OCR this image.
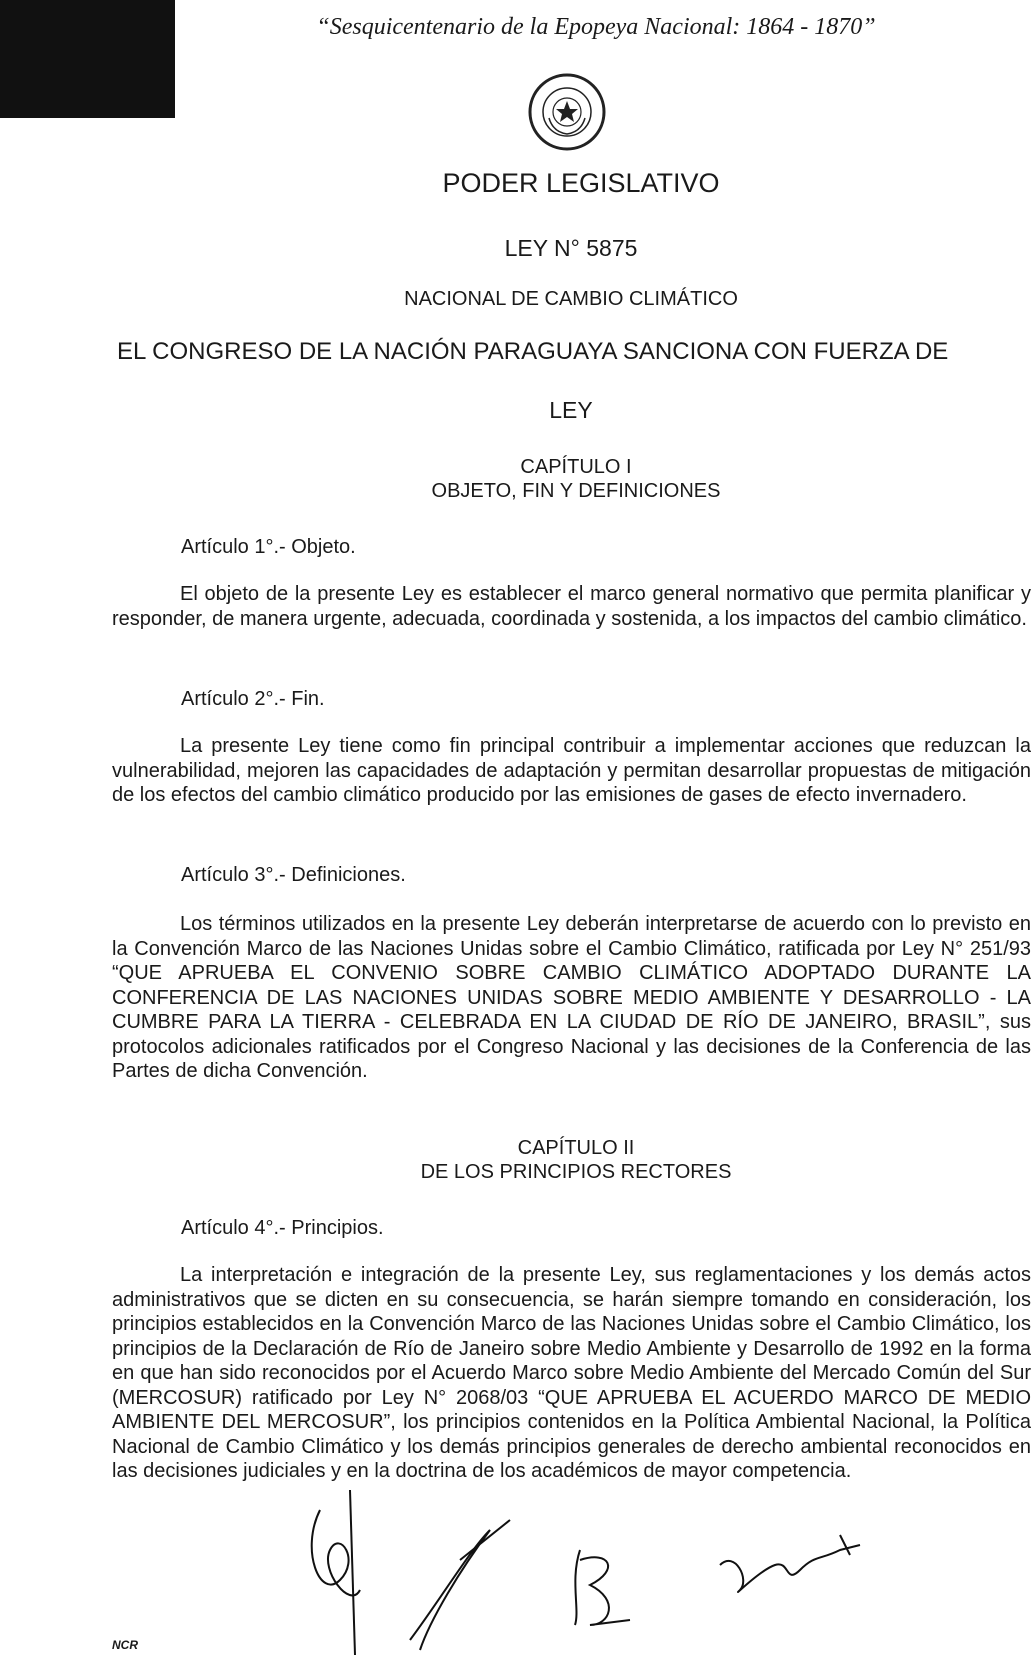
“Sesquicentenario de la Epopeya Nacional: 1864 - 1870”
PODER LEGISLATIVO
LEY N° 5875
NACIONAL DE CAMBIO CLIMÁTICO
EL CONGRESO DE LA NACIÓN PARAGUAYA SANCIONA CON FUERZA DE
LEY
CAPÍTULO I
OBJETO, FIN Y DEFINICIONES
Artículo 1°.- Objeto.
El objeto de la presente Ley es establecer el marco general normativo que permita planificar y responder, de manera urgente, adecuada, coordinada y sostenida, a los impactos del cambio climático.
Artículo 2°.- Fin.
La presente Ley tiene como fin principal contribuir a implementar acciones que reduzcan la vulnerabilidad, mejoren las capacidades de adaptación y permitan desarrollar propuestas de mitigación de los efectos del cambio climático producido por las emisiones de gases de efecto invernadero.
Artículo 3°.- Definiciones.
Los términos utilizados en la presente Ley deberán interpretarse de acuerdo con lo previsto en la Convención Marco de las Naciones Unidas sobre el Cambio Climático, ratificada por Ley N° 251/93 “QUE APRUEBA EL CONVENIO SOBRE CAMBIO CLIMÁTICO ADOPTADO DURANTE LA CONFERENCIA DE LAS NACIONES UNIDAS SOBRE MEDIO AMBIENTE Y DESARROLLO - LA CUMBRE PARA LA TIERRA - CELEBRADA EN LA CIUDAD DE RÍO DE JANEIRO, BRASIL”, sus protocolos adicionales ratificados por el Congreso Nacional y las decisiones de la Conferencia de las Partes de dicha Convención.
CAPÍTULO II
DE LOS PRINCIPIOS RECTORES
Artículo 4°.- Principios.
La interpretación e integración de la presente Ley, sus reglamentaciones y los demás actos administrativos que se dicten en su consecuencia, se harán siempre tomando en consideración, los principios establecidos en la Convención Marco de las Naciones Unidas sobre el Cambio Climático, los principios de la Declaración de Río de Janeiro sobre Medio Ambiente y Desarrollo de 1992 en la forma en que han sido reconocidos por el Acuerdo Marco sobre Medio Ambiente del Mercado Común del Sur (MERCOSUR) ratificado por Ley N° 2068/03 “QUE APRUEBA EL ACUERDO MARCO DE MEDIO AMBIENTE DEL MERCOSUR”, los principios contenidos en la Política Ambiental Nacional, la Política Nacional de Cambio Climático y los demás principios generales de derecho ambiental reconocidos en las decisiones judiciales y en la doctrina de los académicos de mayor competencia.
NCR
